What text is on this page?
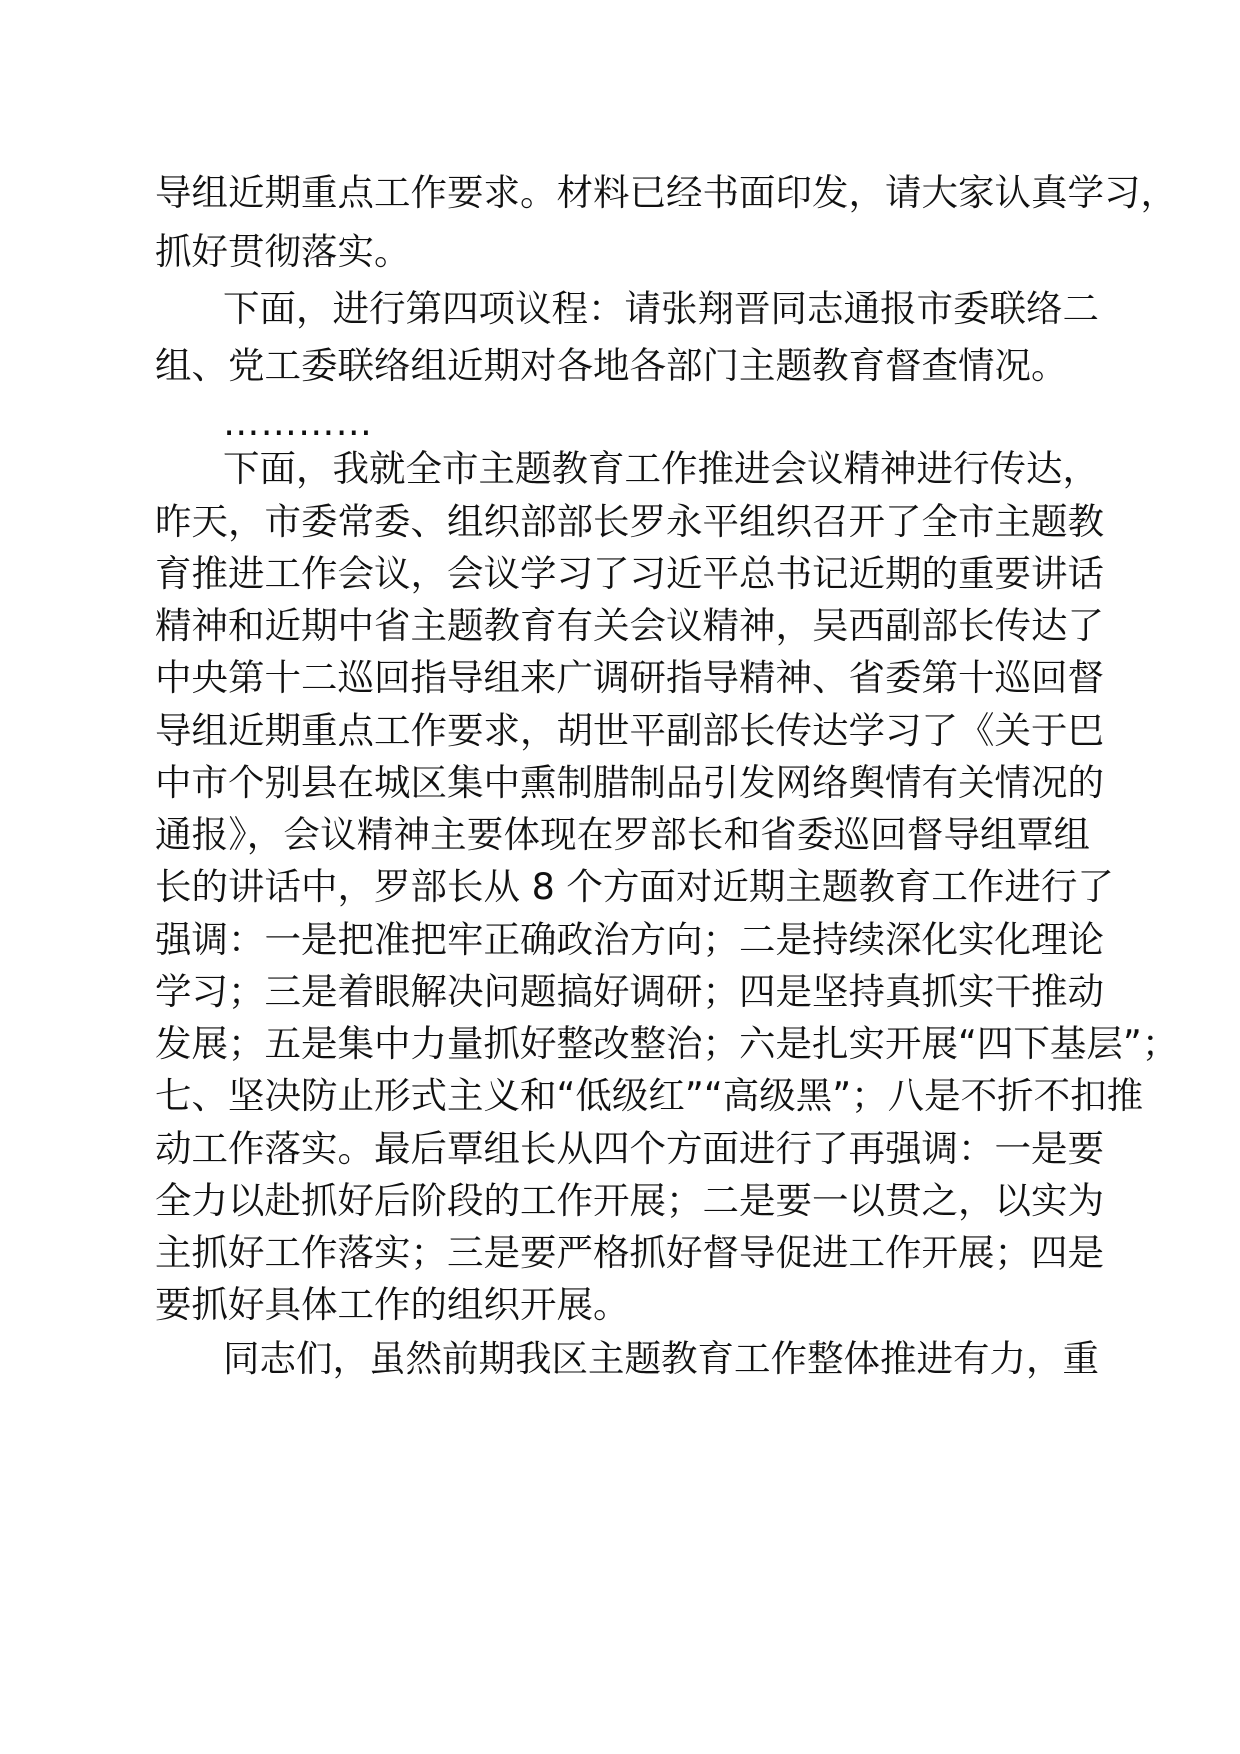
导组近期重点工作要求。材料已经书面印发，请大家认真学习，

抓好贯彻落实。

下面，进行第四项议程：请张翔晋同志通报市委联络二

组、党工委联络组近期对各地各部门主题教育督查情况。

…………

下面，我就全市主题教育工作推进会议精神进行传达，

昨天，市委常委、组织部部长罗永平组织召开了全市主题教

育推进工作会议，会议学习了习近平总书记近期的重要讲话

精神和近期中省主题教育有关会议精神，吴西副部长传达了

中央第十二巡回指导组来广调研指导精神、省委第十巡回督

导组近期重点工作要求，胡世平副部长传达学习了《关于巴

中市个别县在城区集中熏制腊制品引发网络舆情有关情况的

通报》，会议精神主要体现在罗部长和省委巡回督导组覃组

长的讲话中，罗部长从 8 个方面对近期主题教育工作进行了

强调：一是把准把牢正确政治方向；二是持续深化实化理论

学习；三是着眼解决问题搞好调研；四是坚持真抓实干推动

发展；五是集中力量抓好整改整治；六是扎实开展“四下基层”；

七、坚决防止形式主义和“低级红”“高级黑”；八是不折不扣推

动工作落实。最后覃组长从四个方面进行了再强调：一是要

全力以赴抓好后阶段的工作开展；二是要一以贯之，以实为

主抓好工作落实；三是要严格抓好督导促进工作开展；四是

要抓好具体工作的组织开展。

同志们，虽然前期我区主题教育工作整体推进有力，重
